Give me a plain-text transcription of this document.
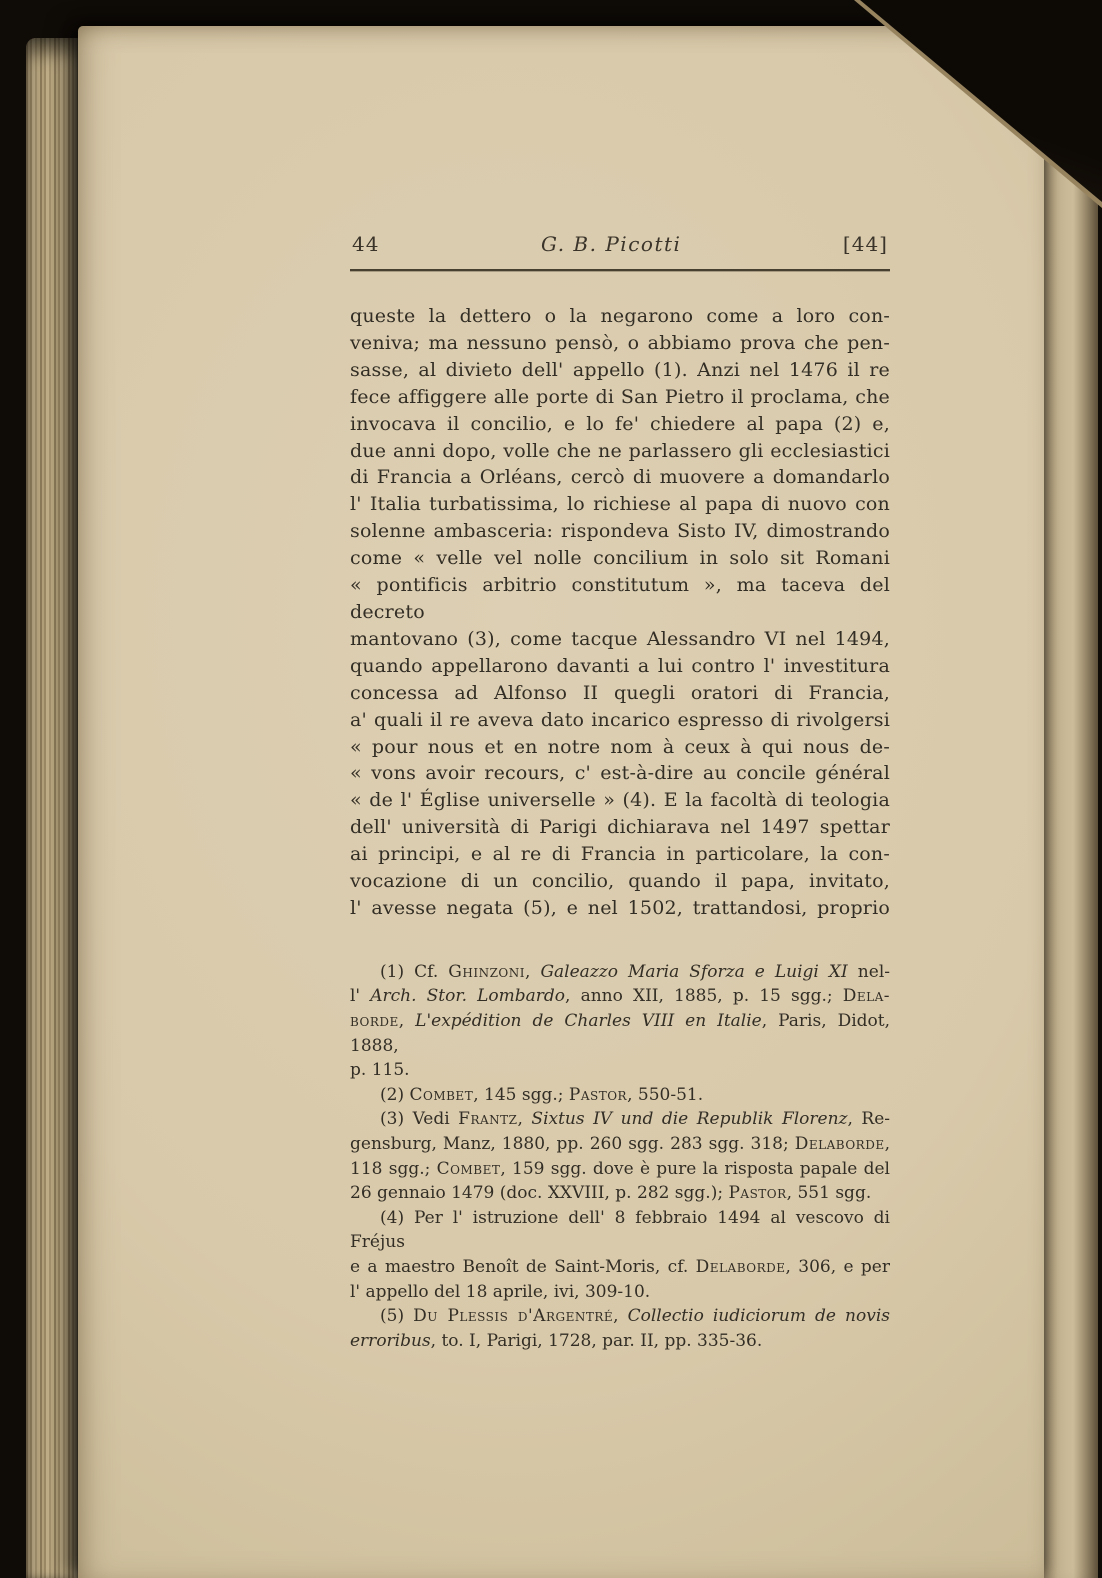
44	G. B. Picotti	[44]
queste la dettero o la negarono come a loro con-
veniva; ma nessuno pensò, o abbiamo prova che pen-
sasse, al divieto dell' appello (1). Anzi nel 1476 il re
fece affiggere alle porte di San Pietro il proclama, che
invocava il concilio, e lo fe' chiedere al papa (2) e,
due anni dopo, volle che ne parlassero gli ecclesiastici
di Francia a Orléans, cercò di muovere a domandarlo
l' Italia turbatissima, lo richiese al papa di nuovo con
solenne ambasceria: rispondeva Sisto IV, dimostrando
come « velle vel nolle concilium in solo sit Romani
« pontificis arbitrio constitutum », ma taceva del decreto
mantovano (3), come tacque Alessandro VI nel 1494,
quando appellarono davanti a lui contro l' investitura
concessa ad Alfonso II quegli oratori di Francia,
a' quali il re aveva dato incarico espresso di rivolgersi
« pour nous et en notre nom à ceux à qui nous de-
« vons avoir recours, c' est-à-dire au concile général
« de l' Église universelle » (4). E la facoltà di teologia
dell' università di Parigi dichiarava nel 1497 spettar
ai principi, e al re di Francia in particolare, la con-
vocazione di un concilio, quando il papa, invitato,
l' avesse negata (5), e nel 1502, trattandosi, proprio
(1) Cf. Ghinzoni, Galeazzo Maria Sforza e Luigi XI nel-
l' Arch. Stor. Lombardo, anno XII, 1885, p. 15 sgg.; Dela-
borde, L'expédition de Charles VIII en Italie, Paris, Didot, 1888,
p. 115.
(2) Combet, 145 sgg.; Pastor, 550-51.
(3) Vedi Frantz, Sixtus IV und die Republik Florenz, Re-
gensburg, Manz, 1880, pp. 260 sgg. 283 sgg. 318; Delaborde,
118 sgg.; Combet, 159 sgg. dove è pure la risposta papale del
26 gennaio 1479 (doc. XXVIII, p. 282 sgg.); Pastor, 551 sgg.
(4) Per l' istruzione dell' 8 febbraio 1494 al vescovo di Fréjus
e a maestro Benoît de Saint-Moris, cf. Delaborde, 306, e per
l' appello del 18 aprile, ivi, 309-10.
(5) Du Plessis d'Argentré, Collectio iudiciorum de novis
erroribus, to. I, Parigi, 1728, par. II, pp. 335-36.
